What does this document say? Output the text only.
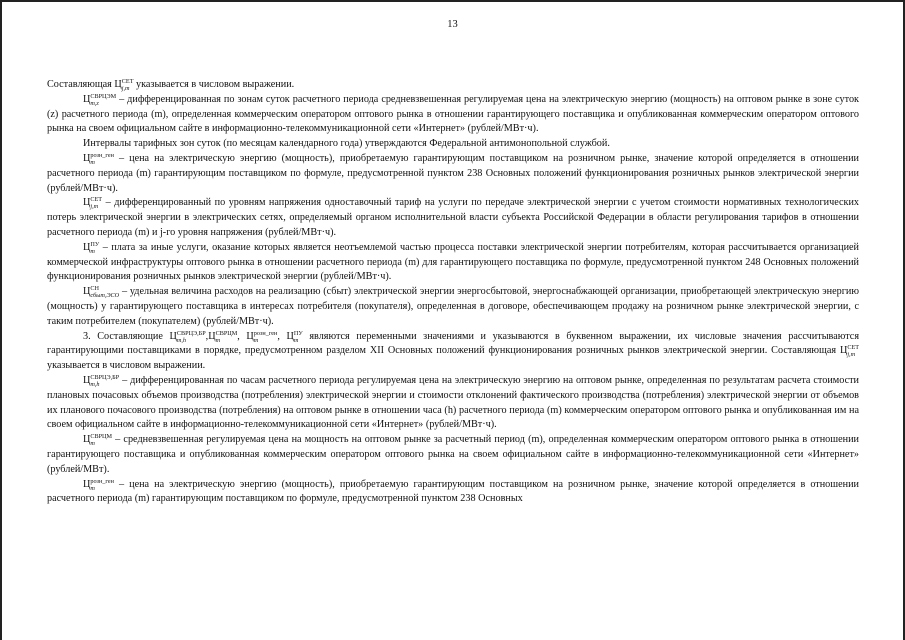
13

Составляющая Ц СЕТ
j,m указывается в числовом выражении.

Ц СВРЦЭМ
m,z	– дифференцированная по зонам суток расчетного периода средневзвешенная регулируемая цена на электрическую энергию (мощность) на оптовом рынке в зоне суток (z) расчетного периода (m), определенная коммерческим оператором оптового рынка в отношении гарантирующего поставщика и опубликованная коммерческим оператором оптового рынка на своем официальном сайте в информационно-телекоммуникационной сети «Интернет» (рублей/МВт·ч).

Интервалы тарифных зон суток (по месяцам календарного года) утверждаются Федеральной антимонопольной службой.

Ц розн_ген
m	– цена на электрическую энергию (мощность), приобретаемую гарантирующим поставщиком на розничном рынке, значение которой определяется в отношении расчетного периода (m) гарантирующим поставщиком по формуле, предусмотренной пунктом 238 Основных положений функционирования розничных рынков электрической энергии (рублей/МВт·ч).

Ц СЕТ
j,m – дифференцированный по уровням напряжения одноставочный тариф на услуги по передаче электрической энергии с учетом стоимости нормативных технологических потерь электрической энергии в электрических сетях, определяемый органом исполнительной власти субъекта Российской Федерации в области регулирования тарифов в отношении расчетного периода (m) и j-го уровня напряжения (рублей/МВт·ч).

Ц ПУ
m – плата за иные услуги, оказание которых является неотъемлемой частью процесса поставки электрической энергии потребителям, которая рассчитывается организацией коммерческой инфраструктуры оптового рынка в отношении расчетного периода (m) для гарантирующего поставщика по формуле, предусмотренной пунктом 248 Основных положений функционирования розничных рынков электрической энергии (рублей/МВт·ч).

Ц СН
сбыт,ЭСО – удельная величина расходов на реализацию (сбыт) электрической энергии энергосбытовой, энергоснабжающей организации, приобретающей электрическую энергию (мощность) у гарантирующего поставщика в интересах потребителя (покупателя), определенная в договоре, обеспечивающем продажу на розничном рынке электрической энергии, с таким потребителем (покупателем) (рублей/МВт·ч).

3. Составляющие Ц СВРЦЭ,БР
m,h	,Ц СВРЦМ
m	, Ц розн_ген
m	, Ц ПУ
m являются переменными значениями и указываются в буквенном выражении, их числовые значения рассчитываются гарантирующими поставщиками в порядке, предусмотренном разделом XII Основных положений функционирования розничных рынков электрической энергии. Составляющая Ц СЕТ
j,m
указывается в числовом выражении.

Ц СВРЦЭ,БР
m,h	– дифференцированная по часам расчетного периода регулируемая цена на электрическую энергию на оптовом рынке, определенная по результатам расчета стоимости плановых почасовых объемов производства (потребления) электрической энергии и стоимости отклонений фактического производства (потребления) электрической энергии от объемов их планового почасового производства (потребления) на оптовом рынке в отношении часа (h) расчетного периода (m) коммерческим оператором оптового рынка и опубликованная им на своем официальном сайте в информационно-телекоммуникационной сети «Интернет» (рублей/МВт·ч).

Ц СВРЦМ
m	– средневзвешенная регулируемая цена на мощность на оптовом рынке за расчетный период (m), определенная коммерческим оператором оптового рынка в отношении гарантирующего поставщика и опубликованная коммерческим оператором оптового рынка на своем официальном сайте в информационно-телекоммуникационной сети «Интернет» (рублей/МВт).

Ц розн_ген
m	– цена на электрическую энергию (мощность), приобретаемую гарантирующим поставщиком на розничном рынке, значение которой определяется в отношении расчетного периода (m) гарантирующим поставщиком по формуле, предусмотренной пунктом 238 Основных
